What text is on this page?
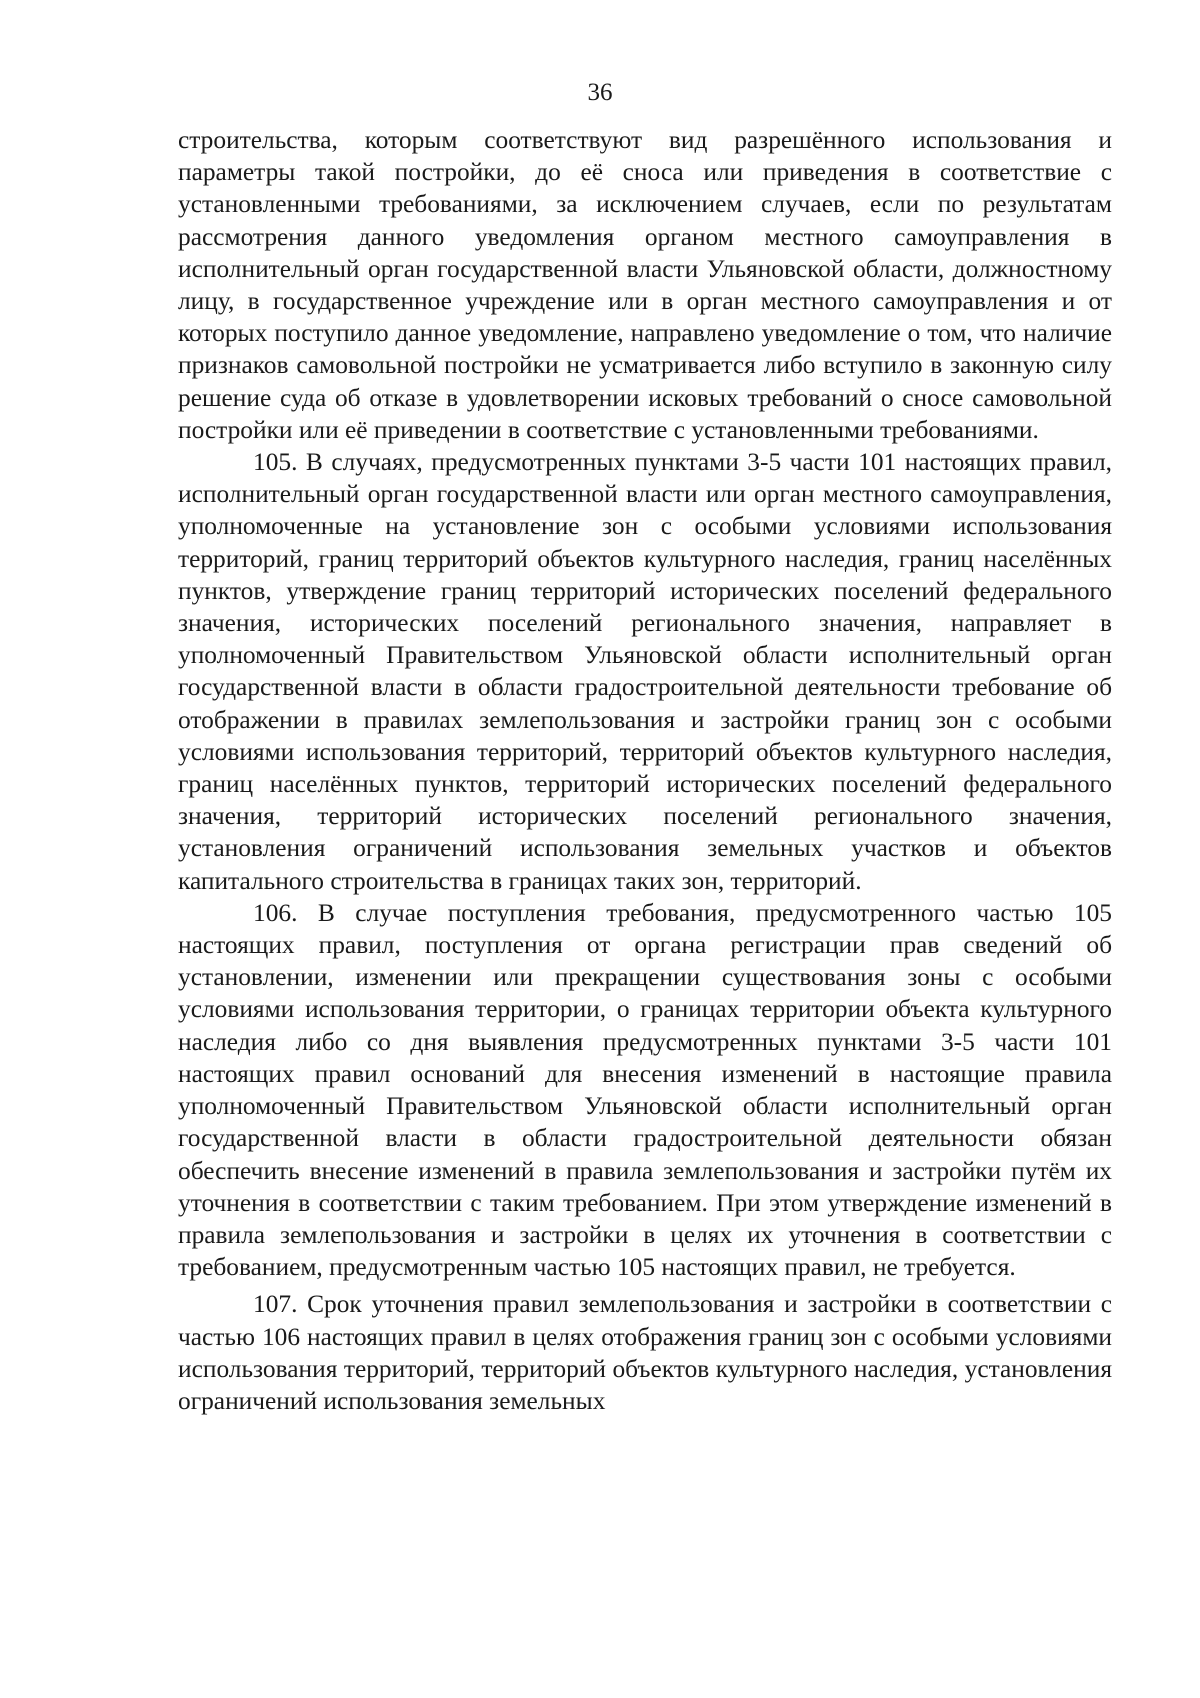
36

строительства, которым соответствуют вид разрешённого использования и параметры такой постройки, до её сноса или приведения в соответствие с установленными требованиями, за исключением случаев, если по результатам рассмотрения данного уведомления органом местного самоуправления в исполнительный орган государственной власти Ульяновской области, должностному лицу, в государственное учреждение или в орган местного самоуправления и от которых поступило данное уведомление, направлено уведомление о том, что наличие признаков самовольной постройки не усматривается либо вступило в законную силу решение суда об отказе в удовлетворении исковых требований о сносе самовольной постройки или её приведении в соответствие с установленными требованиями.

105. В случаях, предусмотренных пунктами 3-5 части 101 настоящих правил, исполнительный орган государственной власти или орган местного самоуправления, уполномоченные на установление зон с особыми условиями использования территорий, границ территорий объектов культурного наследия, границ населённых пунктов, утверждение границ территорий исторических поселений федерального значения, исторических поселений регионального значения, направляет в уполномоченный Правительством Ульяновской области исполнительный орган государственной власти в области градостроительной деятельности требование об отображении в правилах землепользования и застройки границ зон с особыми условиями использования территорий, территорий объектов культурного наследия, границ населённых пунктов, территорий исторических поселений федерального значения, территорий исторических поселений регионального значения, установления ограничений использования земельных участков и объектов капитального строительства в границах таких зон, территорий.

106. В случае поступления требования, предусмотренного частью 105 настоящих правил, поступления от органа регистрации прав сведений об установлении, изменении или прекращении существования зоны с особыми условиями использования территории, о границах территории объекта культурного наследия либо со дня выявления предусмотренных пунктами 3-5 части 101 настоящих правил оснований для внесения изменений в настоящие правила уполномоченный Правительством Ульяновской области исполнительный орган государственной власти в области градостроительной деятельности обязан обеспечить внесение изменений в правила землепользования и застройки путём их уточнения в соответствии с таким требованием. При этом утверждение изменений в правила землепользования и застройки в целях их уточнения в соответствии с требованием, предусмотренным частью 105 настоящих правил, не требуется.

107. Срок уточнения правил землепользования и застройки в соответствии с частью 106 настоящих правил в целях отображения границ зон с особыми условиями использования территорий, территорий объектов культурного наследия, установления ограничений использования земельных
